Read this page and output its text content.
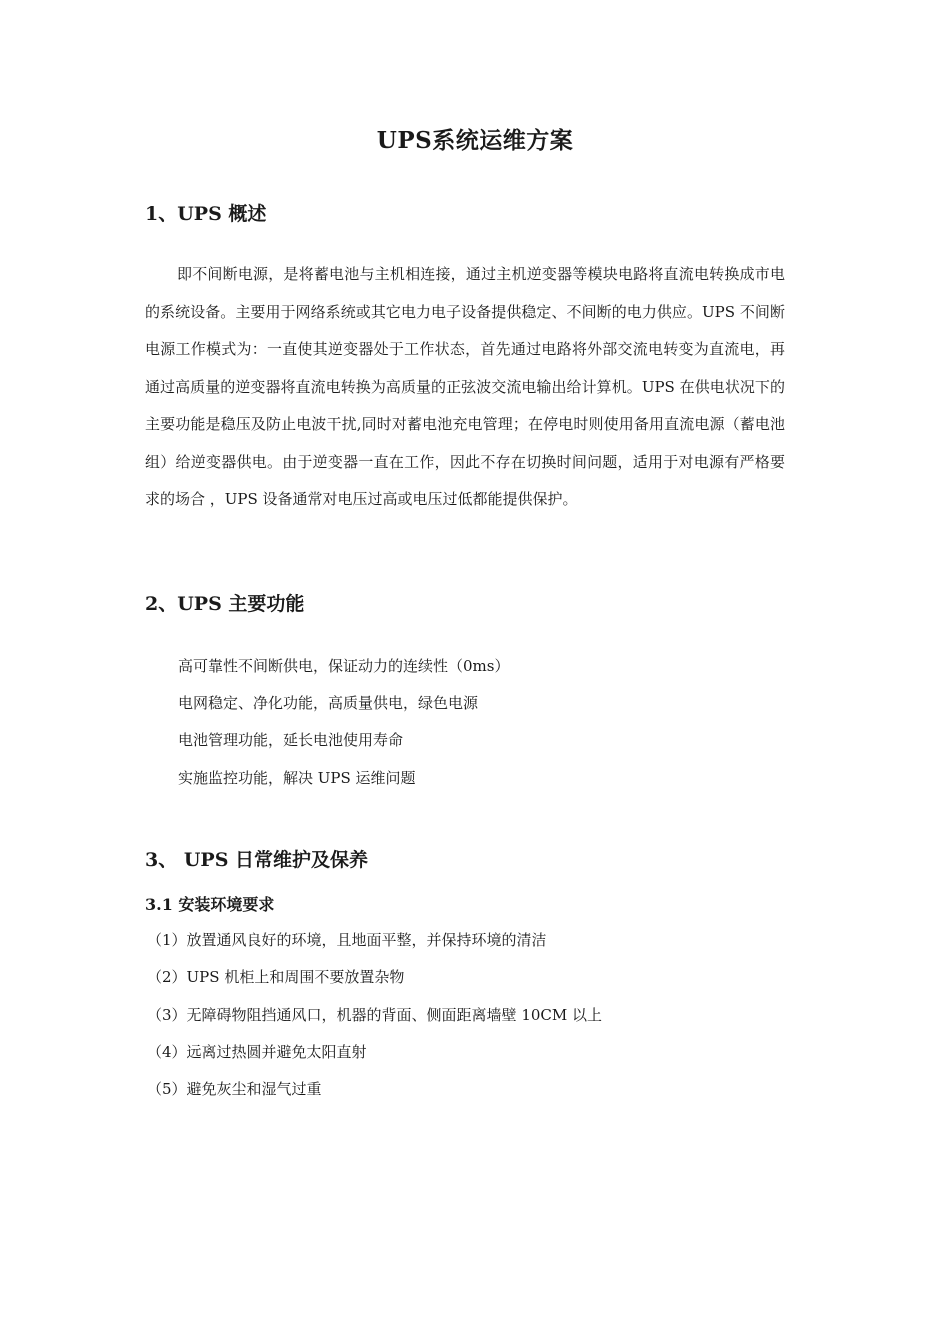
UPS系统运维方案
1、UPS 概述

即不间断电源，是将蓄电池与主机相连接，通过主机逆变器等模块电路将直流电转换成市电的系统设备。主要用于网络系统或其它电力电子设备提供稳定、不间断的电力供应。UPS 不间断电源工作模式为：一直使其逆变器处于工作状态，首先通过电路将外部交流电转变为直流电，再通过高质量的逆变器将直流电转换为高质量的正弦波交流电输出给计算机。UPS 在供电状况下的主要功能是稳压及防止电波干扰,同时对蓄电池充电管理；在停电时则使用备用直流电源（蓄电池组）给逆变器供电。由于逆变器一直在工作，因此不存在切换时间问题，适用于对电源有严格要求的场合 ，UPS 设备通常对电压过高或电压过低都能提供保护。

2、UPS 主要功能
高可靠性不间断供电，保证动力的连续性（0ms）
电网稳定、净化功能，高质量供电，绿色电源
电池管理功能，延长电池使用寿命
实施监控功能，解决 UPS 运维问题
3、 UPS 日常维护及保养
3.1 安装环境要求
（1）放置通风良好的环境，且地面平整，并保持环境的清洁
（2）UPS 机柜上和周围不要放置杂物
（3）无障碍物阻挡通风口，机器的背面、侧面距离墙壁 10CM 以上
（4）远离过热圆并避免太阳直射
（5）避免灰尘和湿气过重
